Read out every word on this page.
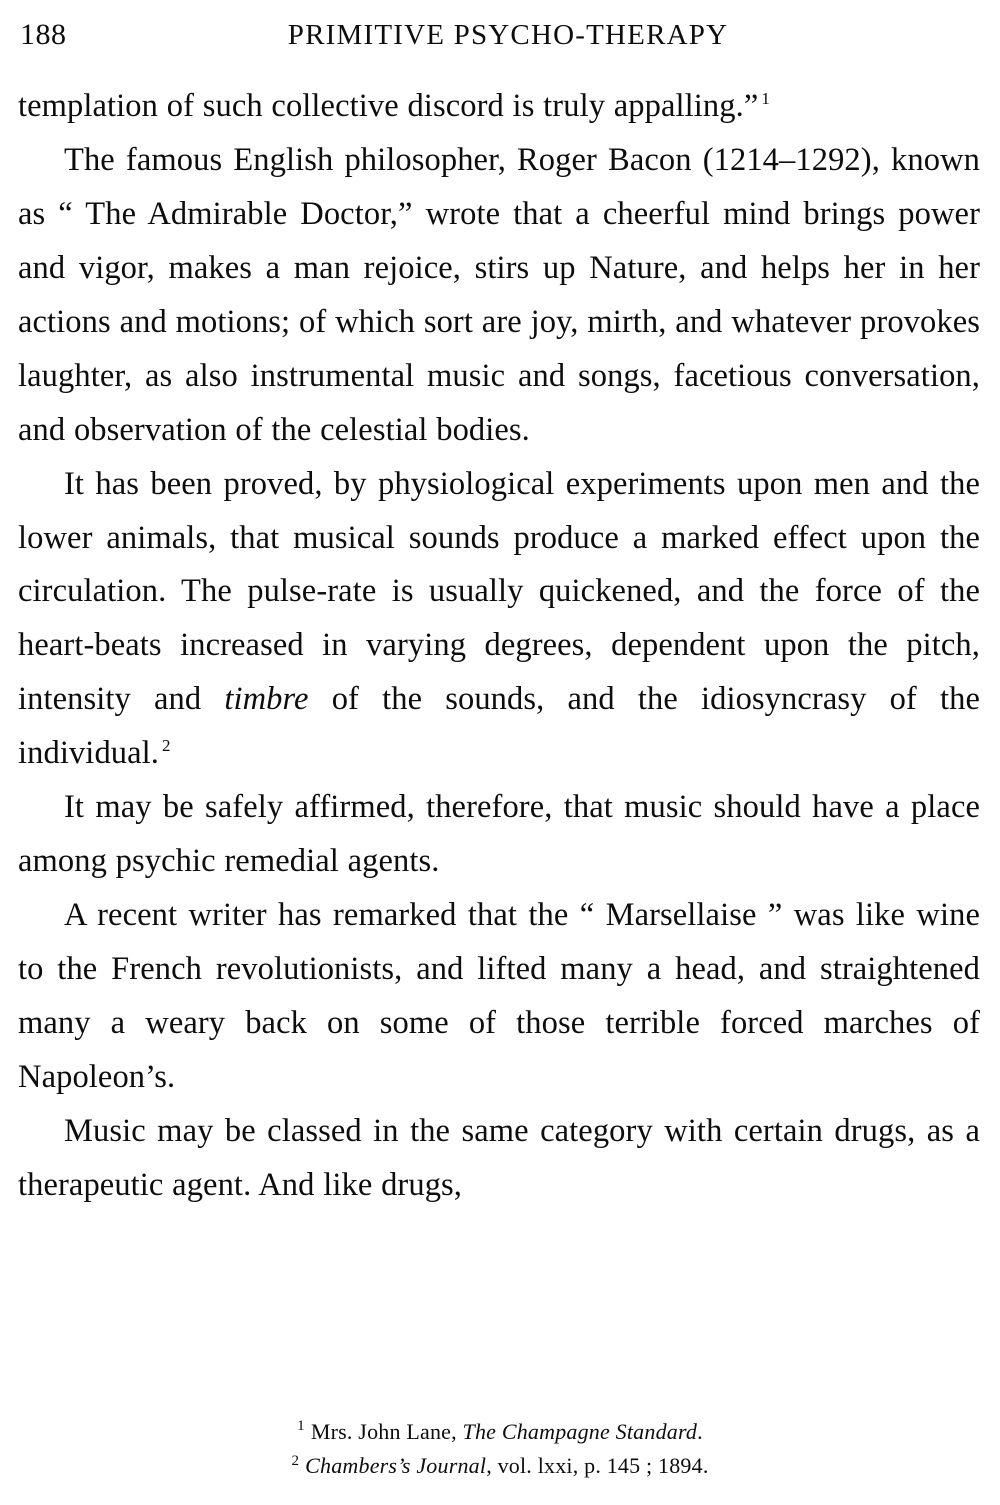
188	PRIMITIVE PSYCHO-THERAPY

templation of such collective discord is truly appalling.” $^1$

The famous English philosopher, Roger Bacon (1214–1292), known as “ The Admirable Doctor,” wrote that a cheerful mind brings power and vigor, makes a man rejoice, stirs up Nature, and helps her in her actions and motions; of which sort are joy, mirth, and whatever provokes laughter, as also instrumental music and songs, facetious conversation, and observation of the celestial bodies.

It has been proved, by physiological experiments upon men and the lower animals, that musical sounds produce a marked effect upon the circulation. The pulse-rate is usually quickened, and the force of the heart-beats increased in varying degrees, dependent upon the pitch, intensity and timbre of the sounds, and the idiosyncrasy of the individual. $^2$

It may be safely affirmed, therefore, that music should have a place among psychic remedial agents.

A recent writer has remarked that the “ Marsellaise ” was like wine to the French revolutionists, and lifted many a head, and straightened many a weary back on some of those terrible forced marches of Napoleon’s.

Music may be classed in the same category with certain drugs, as a therapeutic agent. And like drugs,

$^1$ Mrs. John Lane, The Champagne Standard.
$^2$ Chambers’s Journal, vol. lxxi, p. 145 ; 1894.
